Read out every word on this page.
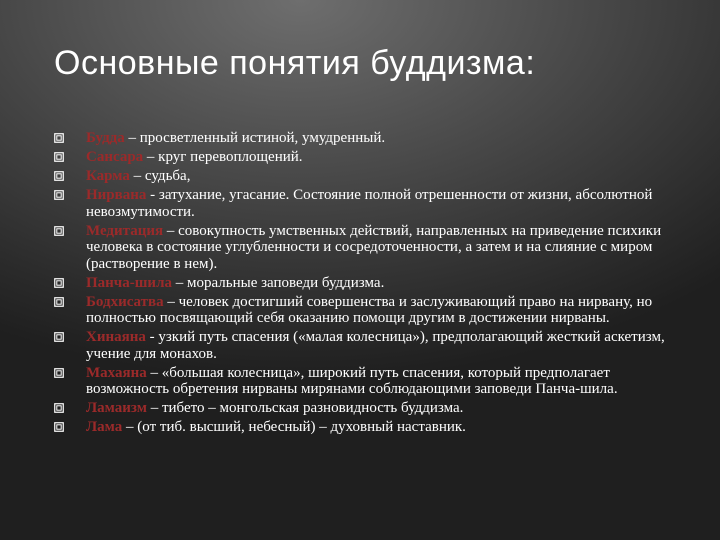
Основные понятия буддизма:
Будда – просветленный истиной, умудренный.
Сансара – круг перевоплощений.
Карма – судьба,
Нирвана - затухание, угасание. Состояние полной отрешенности от жизни, абсолютной невозмутимости.
Медитация – совокупность умственных действий, направленных на приведение психики человека в состояние углубленности и сосредоточенности, а затем и на слияние с миром (растворение в нем).
Панча-шила – моральные заповеди буддизма.
Бодхисатва – человек достигший совершенства и заслуживающий право на нирвану, но полностью посвящающий себя оказанию помощи другим в достижении нирваны.
Хинаяна - узкий путь спасения («малая колесница»), предполагающий жесткий аскетизм, учение для монахов.
Махаяна – «большая колесница», широкий путь спасения, который предполагает возможность обретения нирваны мирянами соблюдающими заповеди Панча-шила.
Ламаизм – тибето – монгольская разновидность буддизма.
Лама – (от тиб. высший, небесный) – духовный наставник.
